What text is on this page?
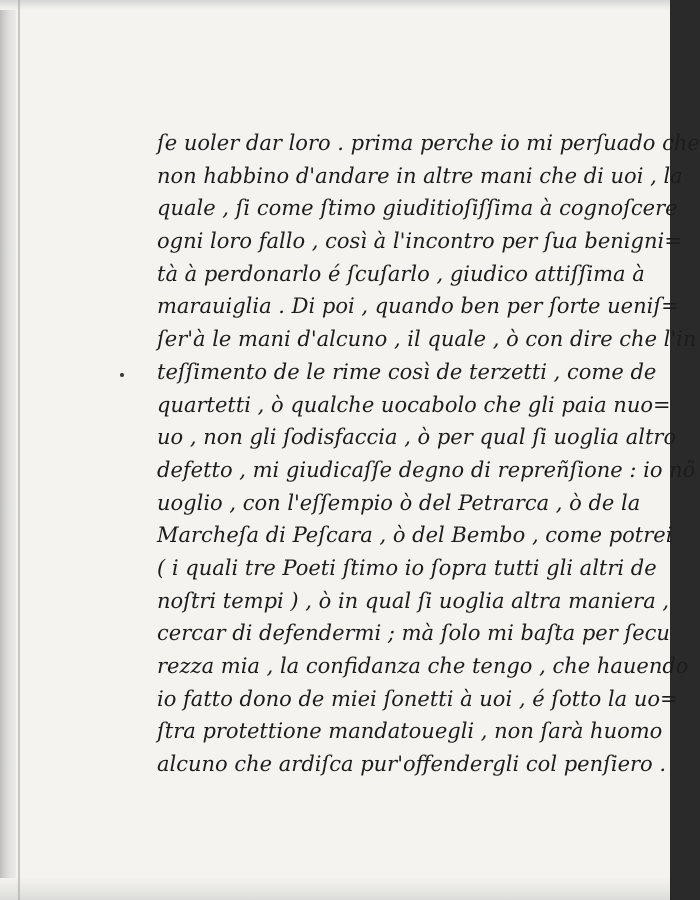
ſe uoler dar loro . prima perche io mi perſuado che
non habbino d'andare in altre mani che di uoi , la
quale , ſi come ſtimo giuditioſiſſima à cognoſcere
ogni loro fallo , così à l'incontro per ſua benigni=
tà à perdonarlo é ſcuſarlo , giudico attiſſima à
marauiglia . Di poi , quando ben per ſorte ueniſ=
ſer'à le mani d'alcuno , il quale , ò con dire che l'in
teſſimento de le rime così de terzetti , come de
quartetti , ò qualche uocabolo che gli paia nuo=
uo , non gli ſodisfaccia , ò per qual ſi uoglia altro
defetto , mi giudicaſſe degno di repreñſione : io nõ
uoglio , con l'eſſempio ò del Petrarca , ò de la
Marcheſa di Peſcara , ò del Bembo , come potrei
( i quali tre Poeti ſtimo io ſopra tutti gli altri de
noſtri tempi ) , ò in qual ſi uoglia altra maniera ,
cercar di defendermi ; mà ſolo mi baſta per ſecu
rezza mia , la confidanza che tengo , che hauendo
io fatto dono de miei ſonetti à uoi , é ſotto la uo=
ſtra protettione mandatouegli , non ſarà huomo
alcuno che ardiſca pur'offendergli col penſiero .
